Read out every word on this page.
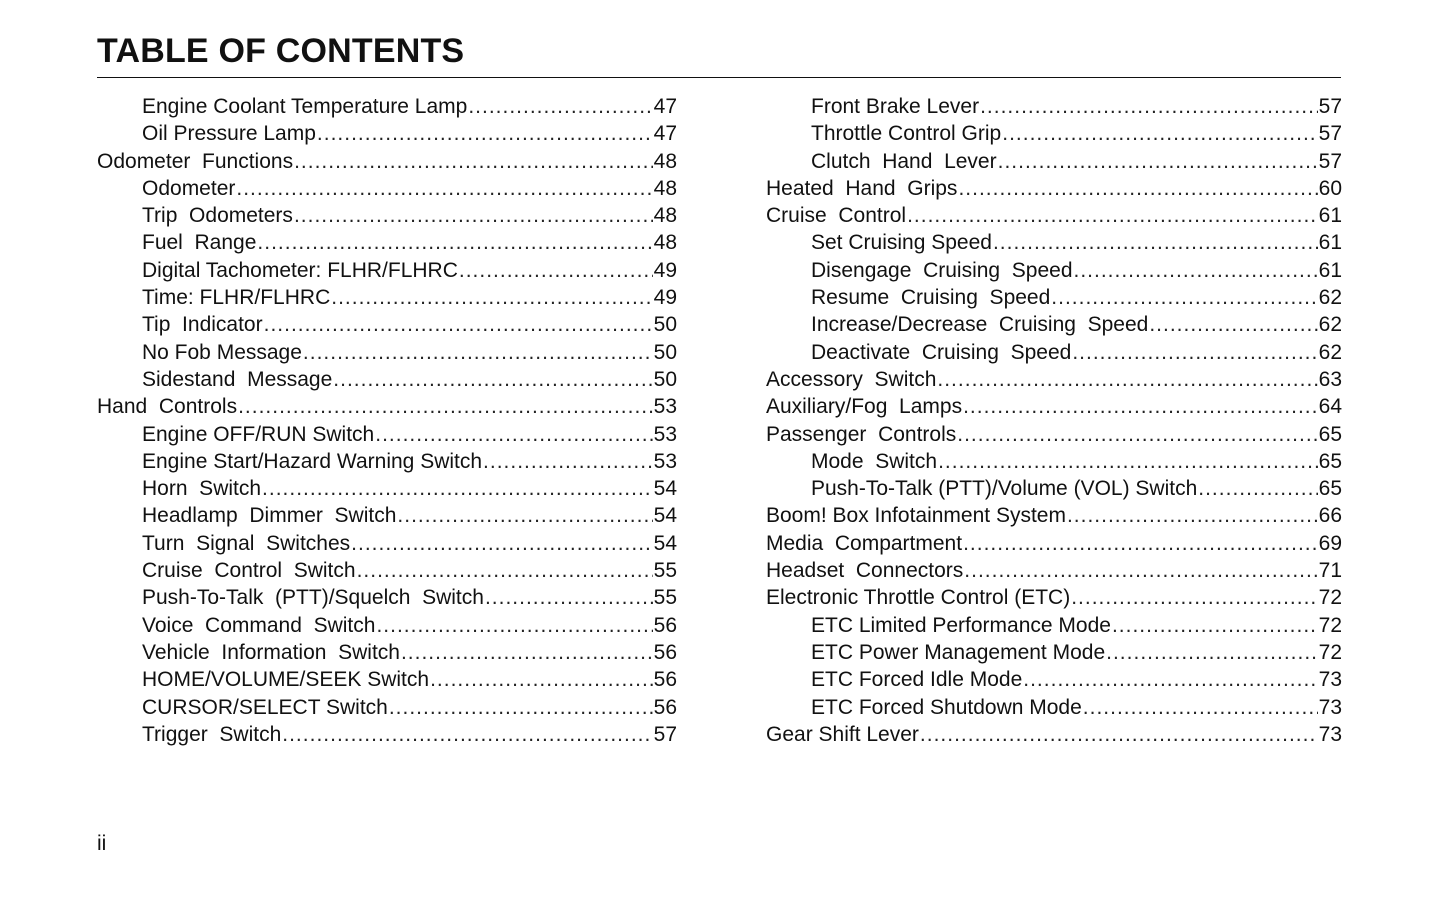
TABLE OF CONTENTS
Engine Coolant Temperature Lamp .....	47
Oil Pressure Lamp .....	47
Odometer  Functions .....	48
Odometer .....	48
Trip  Odometers .....	48
Fuel  Range .....	48
Digital Tachometer: FLHR/FLHRC .....	49
Time: FLHR/FLHRC .....	49
Tip  Indicator .....	50
No Fob Message .....	50
Sidestand  Message .....	50
Hand  Controls .....	53
Engine OFF/RUN Switch .....	53
Engine Start/Hazard Warning Switch .....	53
Horn  Switch .....	54
Headlamp  Dimmer  Switch .....	54
Turn  Signal  Switches .....	54
Cruise  Control  Switch .....	55
Push-To-Talk  (PTT)/Squelch  Switch .....	55
Voice  Command  Switch .....	56
Vehicle  Information  Switch .....	56
HOME/VOLUME/SEEK Switch .....	56
CURSOR/SELECT Switch .....	56
Trigger  Switch .....	57
Front Brake Lever .....	57
Throttle Control Grip .....	57
Clutch  Hand  Lever .....	57
Heated  Hand  Grips .....	60
Cruise  Control .....	61
Set Cruising Speed .....	61
Disengage  Cruising  Speed .....	61
Resume  Cruising  Speed .....	62
Increase/Decrease  Cruising  Speed .....	62
Deactivate  Cruising  Speed .....	62
Accessory  Switch .....	63
Auxiliary/Fog  Lamps .....	64
Passenger  Controls .....	65
Mode  Switch .....	65
Push-To-Talk (PTT)/Volume (VOL) Switch .....	65
Boom! Box Infotainment System .....	66
Media  Compartment .....	69
Headset  Connectors .....	71
Electronic Throttle Control (ETC) .....	72
ETC Limited Performance Mode .....	72
ETC Power Management Mode .....	72
ETC Forced Idle Mode .....	73
ETC Forced Shutdown Mode .....	73
Gear Shift Lever .....	73
ii
